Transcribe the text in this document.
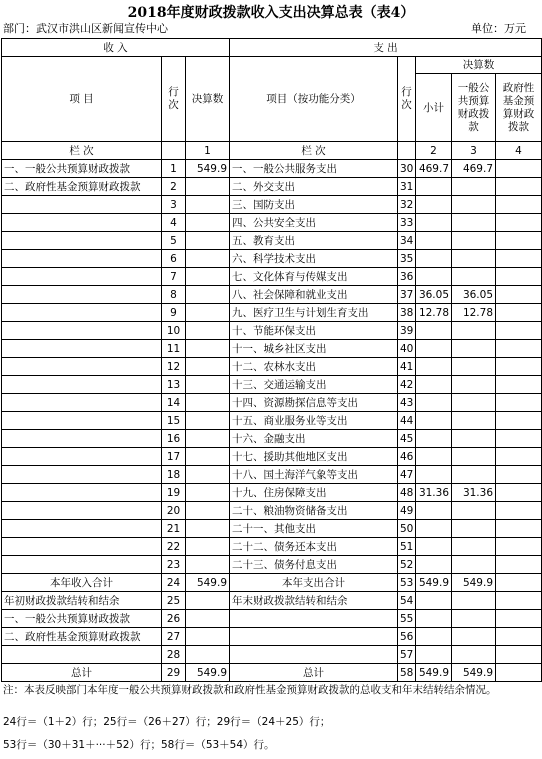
2018年度财政拨款收入支出决算总表（表4）
部门：武汉市洪山区新闻宣传中心	单位：万元
收 入			支 出				
项 目	行次	决算数	项目（按功能分类）	行次	决算数		
					小计	一般公共预算财政拨款	政府性基金预算财政拨款
栏 次		1	栏 次		2	3	4
一、一般公共预算财政拨款	1	549.9	一、一般公共服务支出	30	469.7	469.7	
二、政府性基金预算财政拨款	2		二、外交支出	31			
	3		三、国防支出	32			
	4		四、公共安全支出	33			
	5		五、教育支出	34			
	6		六、科学技术支出	35			
	7		七、文化体育与传媒支出	36			
	8		八、社会保障和就业支出	37	36.05	36.05	
	9		九、医疗卫生与计划生育支出	38	12.78	12.78	
	10		十、节能环保支出	39			
	11		十一、城乡社区支出	40			
	12		十二、农林水支出	41			
	13		十三、交通运输支出	42			
	14		十四、资源勘探信息等支出	43			
	15		十五、商业服务业等支出	44			
	16		十六、金融支出	45			
	17		十七、援助其他地区支出	46			
	18		十八、国土海洋气象等支出	47			
	19		十九、住房保障支出	48	31.36	31.36	
	20		二十、粮油物资储备支出	49			
	21		二十一、其他支出	50			
	22		二十二、债务还本支出	51			
	23		二十三、债务付息支出	52			
本年收入合计	24	549.9	本年支出合计	53	549.9	549.9	
年初财政拨款结转和结余	25		年末财政拨款结转和结余	54			
一、一般公共预算财政拨款	26			55			
二、政府性基金预算财政拨款	27			56			
	28			57			
总计	29	549.9	总计	58	549.9	549.9	
注：本表反映部门本年度一般公共预算财政拨款和政府性基金预算财政拨款的总收支和年末结转结余情况。
24行＝（1＋2）行；25行＝（26＋27）行；29行＝（24＋25）行；
53行＝（30＋31＋···＋52）行；58行＝（53＋54）行。
